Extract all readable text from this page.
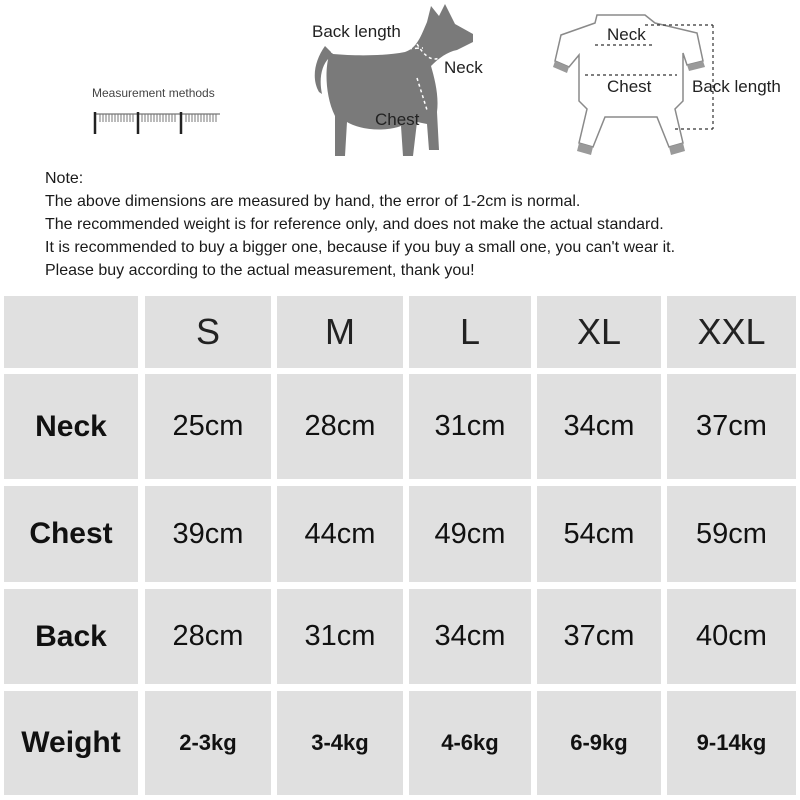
Measurement methods
Back length
Neck
Chest
Neck
Chest Back length
Note:
The above dimensions are measured by hand, the error of 1-2cm is normal.
The recommended weight is for reference only, and does not make the actual standard.
It is recommended to buy a bigger one, because if you buy a small one, you can't wear it.
Please buy according to the actual measurement, thank you!
S	M	L	XL	XXL
Neck	25cm	28cm	31cm	34cm	37cm
Chest	39cm	44cm	49cm	54cm	59cm
Back	28cm	31cm	34cm	37cm	40cm
Weight	2-3kg	3-4kg	4-6kg	6-9kg	9-14kg
